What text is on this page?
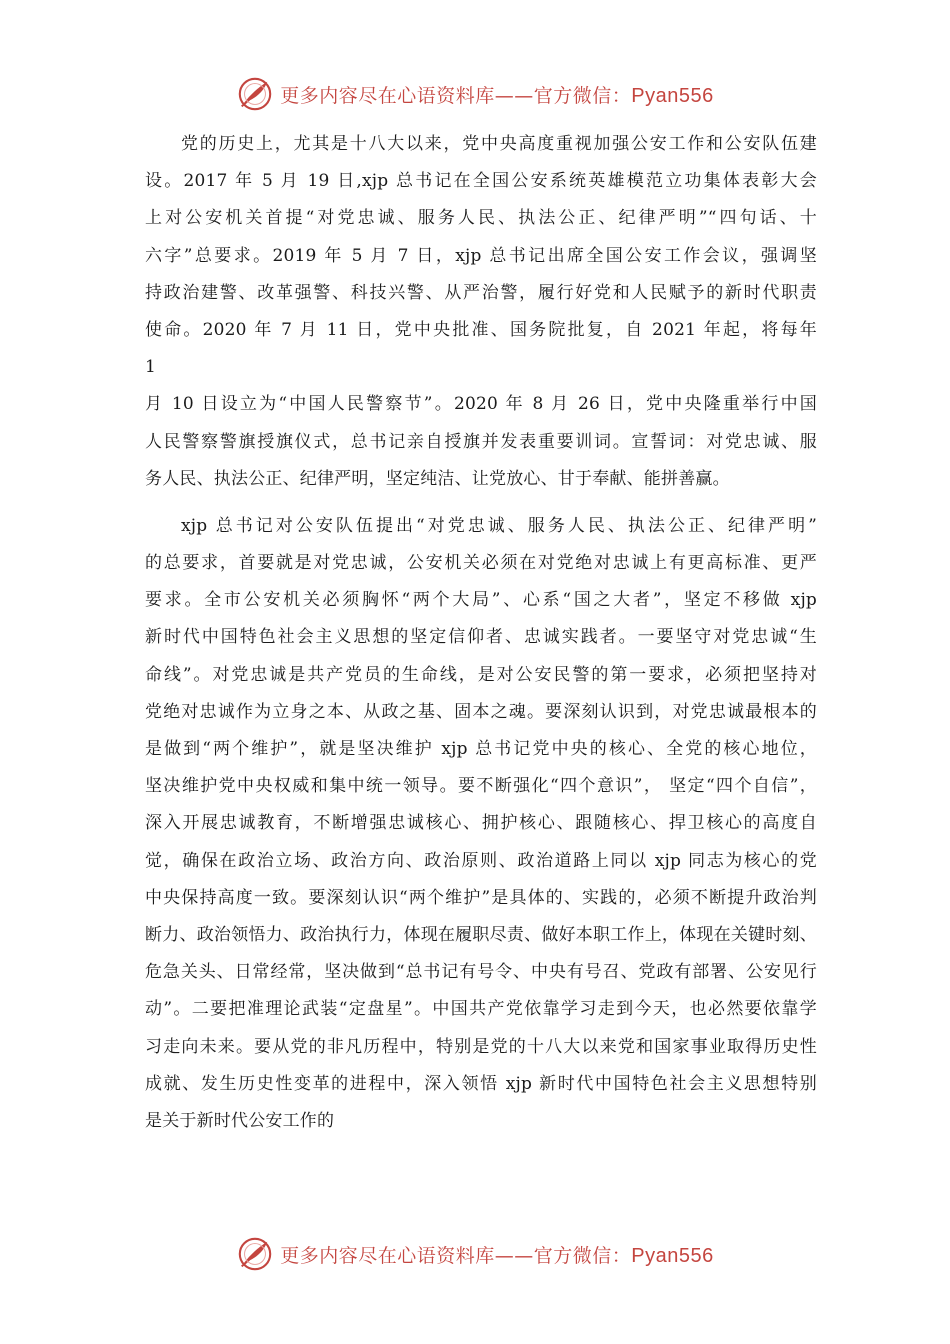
更多内容尽在心语资料库——官方微信：Pyan556
党的历史上，尤其是十八大以来，党中央高度重视加强公安工作和公安队伍建
设。2017 年 5 月 19 日,xjp 总书记在全国公安系统英雄模范立功集体表彰大会
上对公安机关首提“对党忠诚、服务人民、执法公正、纪律严明”“四句话、十
六字”总要求。2019 年 5 月 7 日，xjp 总书记出席全国公安工作会议，强调坚
持政治建警、改革强警、科技兴警、从严治警，履行好党和人民赋予的新时代职责
使命。2020 年 7 月 11 日，党中央批准、国务院批复，自 2021 年起，将每年
1
月 10 日设立为“中国人民警察节”。2020 年 8 月 26 日，党中央隆重举行中国
人民警察警旗授旗仪式，总书记亲自授旗并发表重要训词。宣誓词：对党忠诚、服
务人民、执法公正、纪律严明，坚定纯洁、让党放心、甘于奉献、能拼善赢。
xjp 总书记对公安队伍提出“对党忠诚、服务人民、执法公正、纪律严明”
的总要求，首要就是对党忠诚，公安机关必须在对党绝对忠诚上有更高标准、更严
要求。全市公安机关必须胸怀“两个大局”、心系“国之大者”，坚定不移做 xjp
新时代中国特色社会主义思想的坚定信仰者、忠诚实践者。一要坚守对党忠诚“生
命线”。对党忠诚是共产党员的生命线，是对公安民警的第一要求，必须把坚持对
党绝对忠诚作为立身之本、从政之基、固本之魂。要深刻认识到，对党忠诚最根本的
是做到“两个维护”，就是坚决维护 xjp 总书记党中央的核心、全党的核心地位，
坚决维护党中央权威和集中统一领导。要不断强化“四个意识”， 坚定“四个自信”，
深入开展忠诚教育，不断增强忠诚核心、拥护核心、跟随核心、捍卫核心的高度自
觉，确保在政治立场、政治方向、政治原则、政治道路上同以 xjp 同志为核心的党
中央保持高度一致。要深刻认识“两个维护”是具体的、实践的，必须不断提升政治判
断力、政治领悟力、政治执行力，体现在履职尽责、做好本职工作上，体现在关键时刻、
危急关头、日常经常，坚决做到“总书记有号令、中央有号召、党政有部署、公安见行
动”。二要把准理论武装“定盘星”。中国共产党依靠学习走到今天，也必然要依靠学
习走向未来。要从党的非凡历程中，特别是党的十八大以来党和国家事业取得历史性
成就、发生历史性变革的进程中，深入领悟 xjp 新时代中国特色社会主义思想特别
是关于新时代公安工作的
更多内容尽在心语资料库——官方微信：Pyan556
